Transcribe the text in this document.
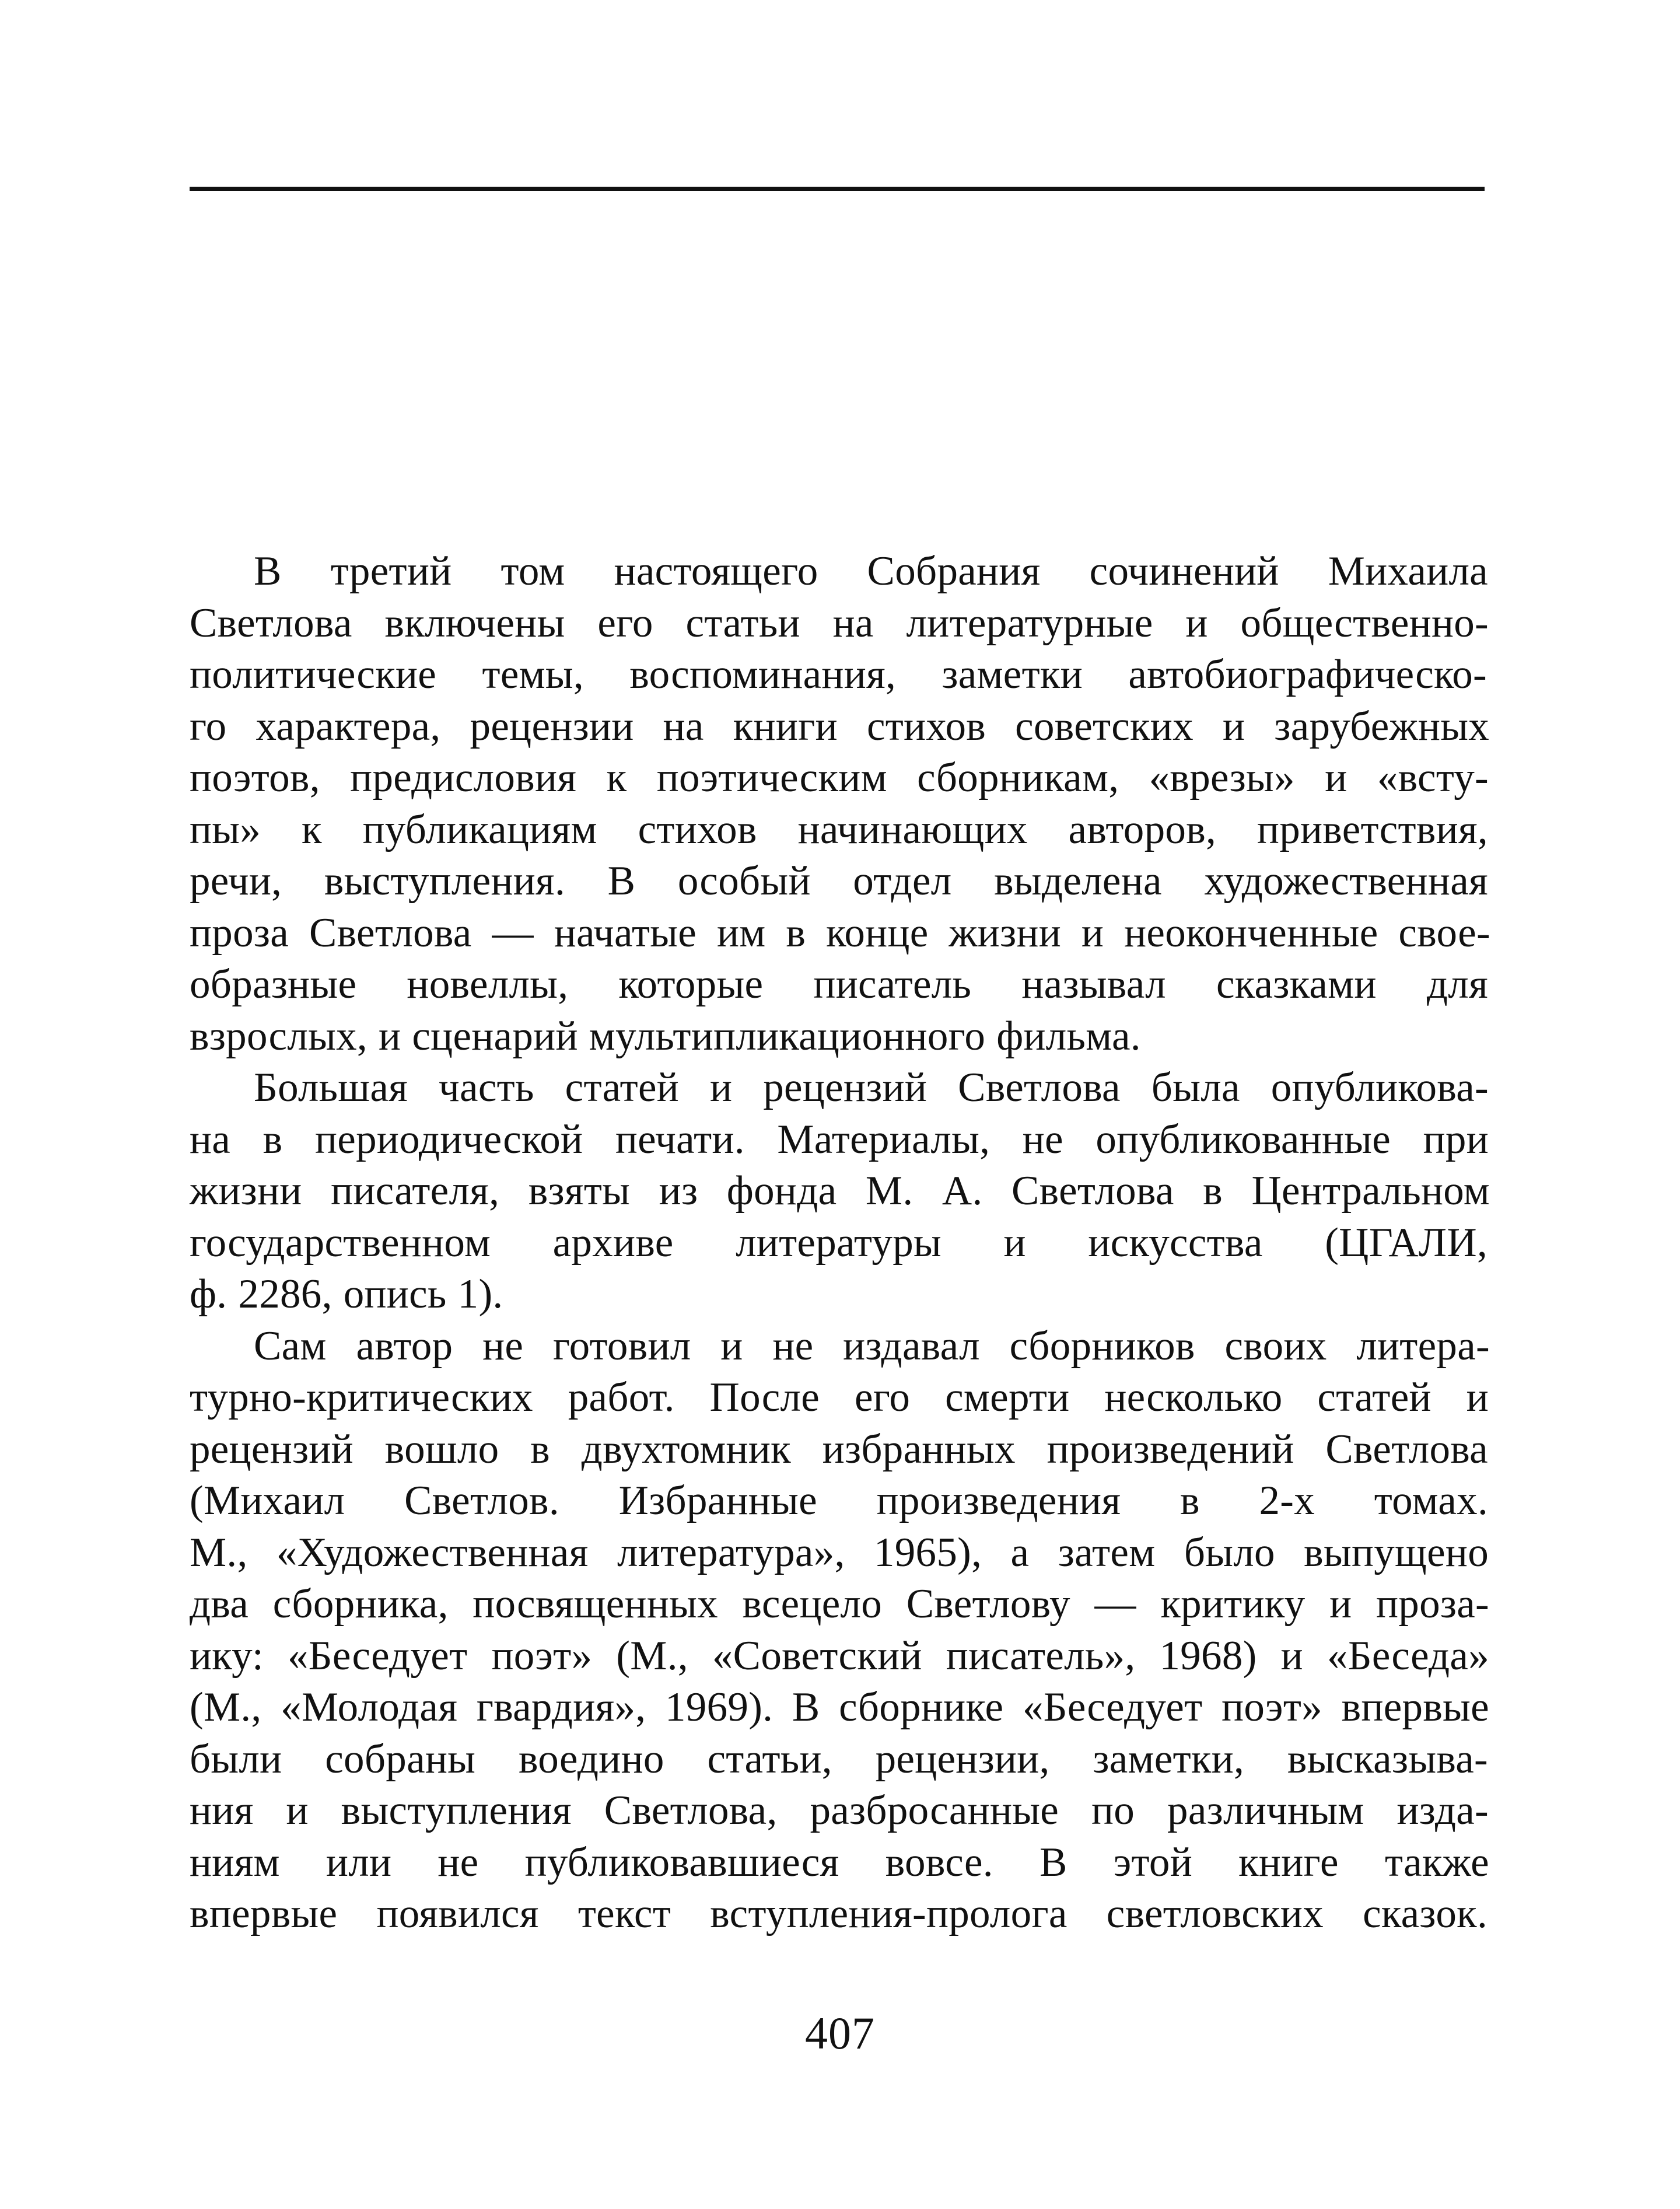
В третий том настоящего Собрания сочинений Михаила
Светлова включены его статьи на литературные и общественно-
политические темы, воспоминания, заметки автобиографическо-
го характера, рецензии на книги стихов советских и зарубежных
поэтов, предисловия к поэтическим сборникам, «врезы» и «всту-
пы» к публикациям стихов начинающих авторов, приветствия,
речи, выступления. В особый отдел выделена художественная
проза Светлова — начатые им в конце жизни и неоконченные свое-
образные новеллы, которые писатель называл сказками для
взрослых, и сценарий мультипликационного фильма.

Большая часть статей и рецензий Светлова была опубликова-
на в периодической печати. Материалы, не опубликованные при
жизни писателя, взяты из фонда М. А. Светлова в Центральном
государственном архиве литературы и искусства (ЦГАЛИ,
ф. 2286, опись 1).

Сам автор не готовил и не издавал сборников своих литера-
турно-критических работ. После его смерти несколько статей и
рецензий вошло в двухтомник избранных произведений Светлова
(Михаил Светлов. Избранные произведения в 2-х томах.
М., «Художественная литература», 1965), а затем было выпущено
два сборника, посвященных всецело Светлову — критику и проза-
ику: «Беседует поэт» (М., «Советский писатель», 1968) и «Беседа»
(М., «Молодая гвардия», 1969). В сборнике «Беседует поэт» впервые
были собраны воедино статьи, рецензии, заметки, высказыва-
ния и выступления Светлова, разбросанные по различным изда-
ниям или не публиковавшиеся вовсе. В этой книге также
впервые появился текст вступления-пролога светловских сказок.

407
